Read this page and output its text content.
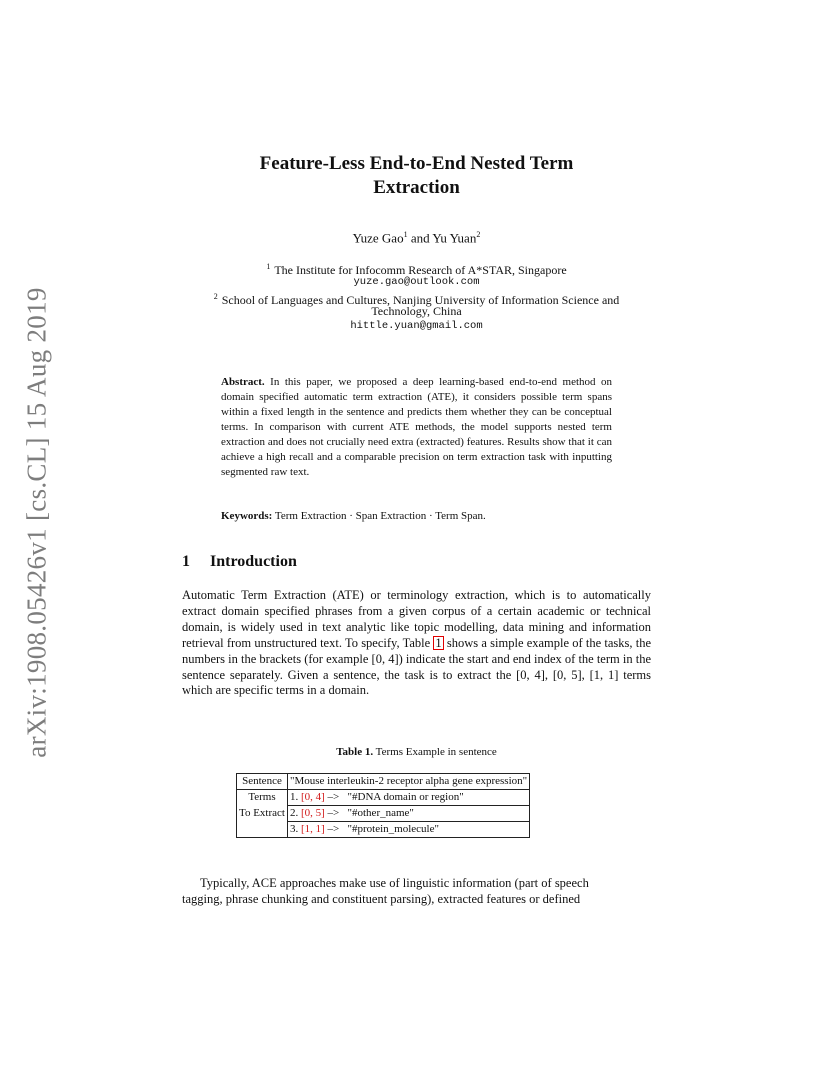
arXiv:1908.05426v1 [cs.CL] 15 Aug 2019
Feature-Less End-to-End Nested Term
Extraction
Yuze Gao$^1$ and Yu Yuan$^2$
$^1$ The Institute for Infocomm Research of A*STAR, Singapore
yuze.gao@outlook.com
$^2$ School of Languages and Cultures, Nanjing University of Information Science and
Technology, China
hittle.yuan@gmail.com
Abstract. In this paper, we proposed a deep learning-based end-to-end method on domain specified automatic term extraction (ATE), it considers possible term spans within a fixed length in the sentence and predicts them whether they can be conceptual terms. In comparison with current ATE methods, the model supports nested term extraction and does not crucially need extra (extracted) features. Results show that it can achieve a high recall and a comparable precision on term extraction task with inputting segmented raw text.
Keywords: Term Extraction · Span Extraction · Term Span.
1 Introduction
Automatic Term Extraction (ATE) or terminology extraction, which is to automatically extract domain specified phrases from a given corpus of a certain academic or technical domain, is widely used in text analytic like topic modelling, data mining and information retrieval from unstructured text. To specify, Table 1 shows a simple example of the tasks, the numbers in the brackets (for example [0, 4]) indicate the start and end index of the term in the sentence separately. Given a sentence, the task is to extract the [0, 4], [0, 5], [1, 1] terms which are specific terms in a domain.
Table 1. Terms Example in sentence
Sentence	"Mouse interleukin-2 receptor alpha gene expression"
Terms	1. [0, 4] –> "#DNA domain or region"
To Extract	2. [0, 5] –> "#other_name"
	3. [1, 1] –> "#protein_molecule"
Typically, ACE approaches make use of linguistic information (part of speech
tagging, phrase chunking and constituent parsing), extracted features or defined
